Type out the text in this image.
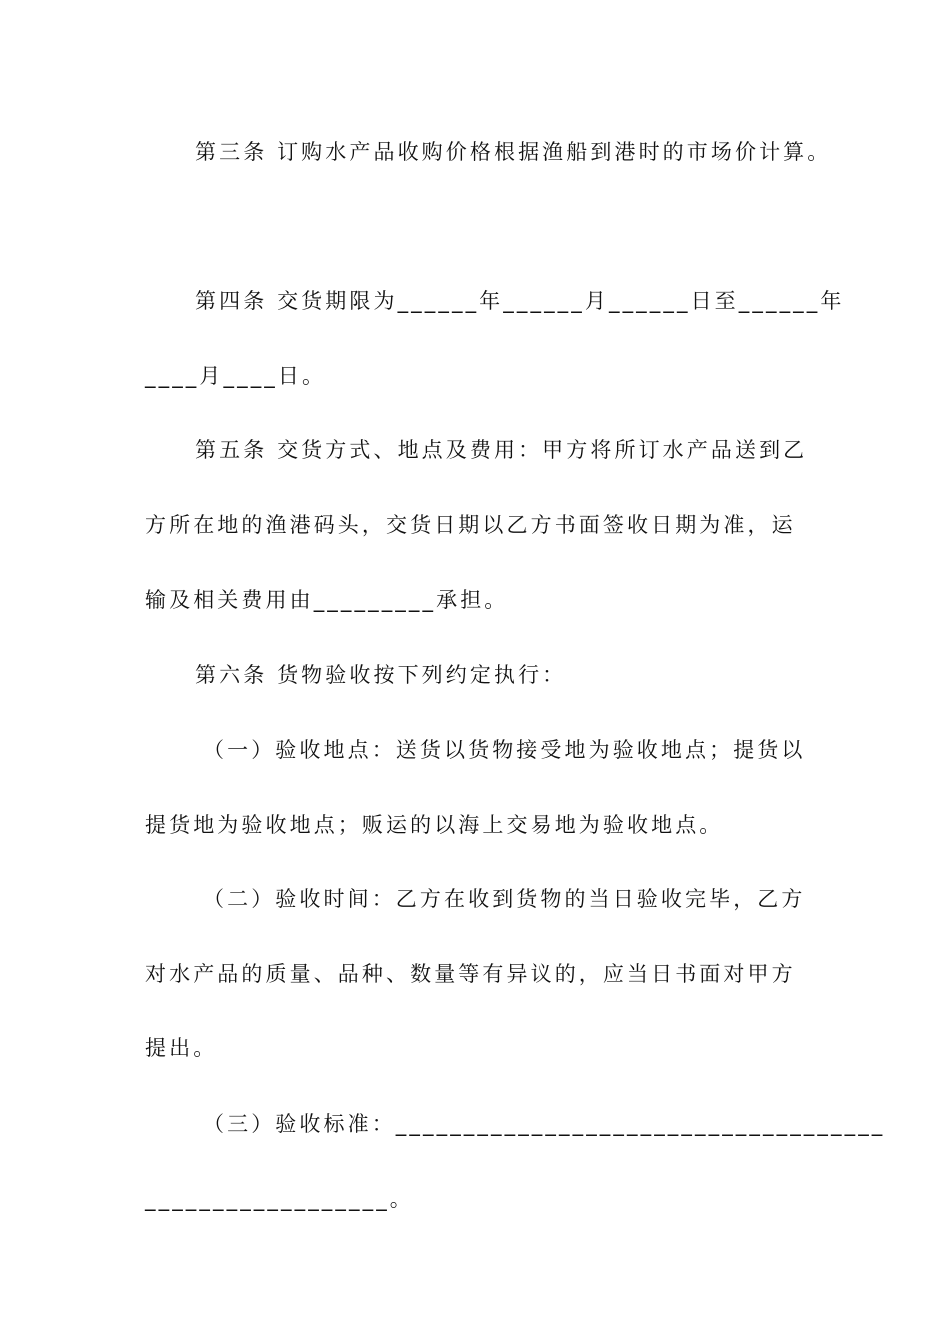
第三条 订购水产品收购价格根据渔船到港时的市场价计算。
第四条 交货期限为______年______月______日至______年
____月____日。
第五条 交货方式、地点及费用：甲方将所订水产品送到乙
方所在地的渔港码头，交货日期以乙方书面签收日期为准，运
输及相关费用由_________承担。
第六条 货物验收按下列约定执行：
（一）验收地点：送货以货物接受地为验收地点；提货以
提货地为验收地点；贩运的以海上交易地为验收地点。
（二）验收时间：乙方在收到货物的当日验收完毕，乙方
对水产品的质量、品种、数量等有异议的，应当日书面对甲方
提出。
（三）验收标准：____________________________________
__________________。
